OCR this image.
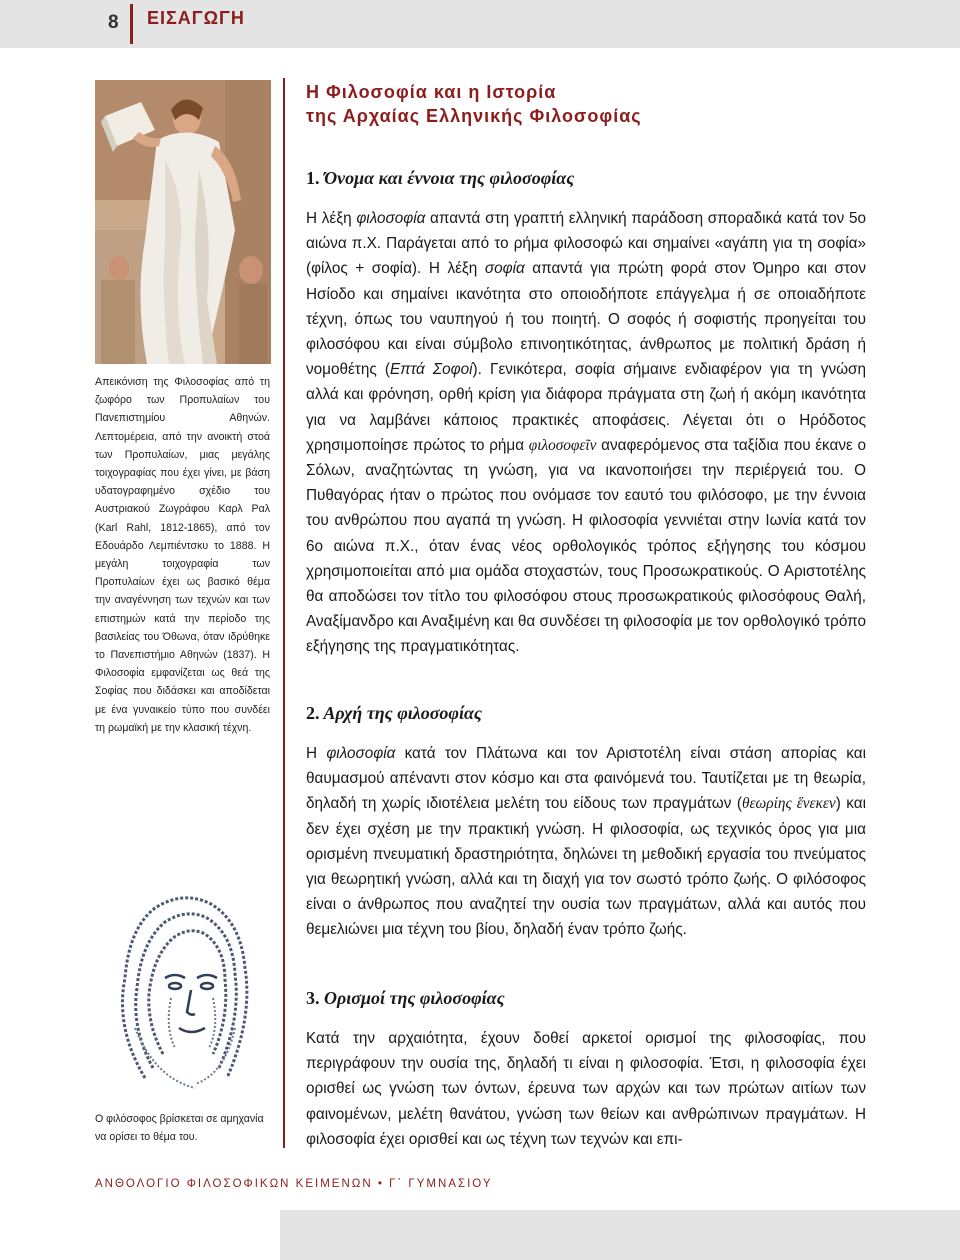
8 ΕΙΣΑΓΩΓΗ
Απεικόνιση της Φιλοσοφίας από τη ζωφόρο των Προπυλαίων του Πανεπιστημίου Αθηνών. Λεπτομέρεια, από την ανοικτή στοά των Προπυλαίων, μιας μεγάλης τοιχογραφίας που έχει γίνει, με βάση υδατογραφημένο σχέδιο του Αυστριακού Ζωγράφου Καρλ Ραλ (Karl Rahl, 1812-1865), από τον Εδουάρδο Λεμπιέντσκυ το 1888. Η μεγάλη τοιχογραφία των Προπυλαίων έχει ως βασικό θέμα την αναγέννηση των τεχνών και των επιστημών κατά την περίοδο της βασιλείας του Όθωνα, όταν ιδρύθηκε το Πανεπιστήμιο Αθηνών (1837). Η Φιλοσοφία εμφανίζεται ως θεά της Σοφίας που διδάσκει και αποδίδεται με ένα γυναικείο τύπο που συνδέει τη ρωμαϊκή με την κλασική τέχνη.
Ο φιλόσοφος βρίσκεται σε αμηχανία να ορίσει το θέμα του.
Η Φιλοσοφία και η Ιστορία
της Αρχαίας Ελληνικής Φιλοσοφίας
1. Όνομα και έννοια της φιλοσοφίας
Η λέξη φιλοσοφία απαντά στη γραπτή ελληνική παράδοση σποραδικά κατά τον 5ο αιώνα π.Χ. Παράγεται από το ρήμα φιλοσοφώ και σημαίνει «αγάπη για τη σοφία» (φίλος + σοφία). Η λέξη σοφία απαντά για πρώτη φορά στον Όμηρο και στον Ησίοδο και σημαίνει ικανότητα στο οποιοδήποτε επάγγελμα ή σε οποιαδήποτε τέχνη, όπως του ναυπηγού ή του ποιητή. Ο σοφός ή σοφιστής προηγείται του φιλοσόφου και είναι σύμβολο επινοητικότητας, άνθρωπος με πολιτική δράση ή νομοθέτης (Επτά Σοφοί). Γενικότερα, σοφία σήμαινε ενδιαφέρον για τη γνώση αλλά και φρόνηση, ορθή κρίση για διάφορα πράγματα στη ζωή ή ακόμη ικανότητα για να λαμβάνει κάποιος πρακτικές αποφάσεις. Λέγεται ότι ο Ηρόδοτος χρησιμοποίησε πρώτος το ρήμα φιλοσοφεῖν αναφερόμενος στα ταξίδια που έκανε ο Σόλων, αναζητώντας τη γνώση, για να ικανοποιήσει την περιέργειά του. Ο Πυθαγόρας ήταν ο πρώτος που ονόμασε τον εαυτό του φιλόσοφο, με την έννοια του ανθρώπου που αγαπά τη γνώση. Η φιλοσοφία γεννιέται στην Ιωνία κατά τον 6ο αιώνα π.Χ., όταν ένας νέος ορθολογικός τρόπος εξήγησης του κόσμου χρησιμοποιείται από μια ομάδα στοχαστών, τους Προσωκρατικούς. Ο Αριστοτέλης θα αποδώσει τον τίτλο του φιλοσόφου στους προσωκρατικούς φιλοσόφους Θαλή, Αναξίμανδρο και Αναξιμένη και θα συνδέσει τη φιλοσοφία με τον ορθολογικό τρόπο εξήγησης της πραγματικότητας.
2. Αρχή της φιλοσοφίας
Η φιλοσοφία κατά τον Πλάτωνα και τον Αριστοτέλη είναι στάση απορίας και θαυμασμού απέναντι στον κόσμο και στα φαινόμενά του. Ταυτίζεται με τη θεωρία, δηλαδή τη χωρίς ιδιοτέλεια μελέτη του είδους των πραγμάτων (θεωρίης ἕνεκεν) και δεν έχει σχέση με την πρακτική γνώση. Η φιλοσοφία, ως τεχνικός όρος για μια ορισμένη πνευματική δραστηριότητα, δηλώνει τη μεθοδική εργασία του πνεύματος για θεωρητική γνώση, αλλά και τη διαχή για τον σωστό τρόπο ζωής. Ο φιλόσοφος είναι ο άνθρωπος που αναζητεί την ουσία των πραγμάτων, αλλά και αυτός που θεμελιώνει μια τέχνη του βίου, δηλαδή έναν τρόπο ζωής.
3. Ορισμοί της φιλοσοφίας
Κατά την αρχαιότητα, έχουν δοθεί αρκετοί ορισμοί της φιλοσοφίας, που περιγράφουν την ουσία της, δηλαδή τι είναι η φιλοσοφία. Έτσι, η φιλοσοφία έχει ορισθεί ως γνώση των όντων, έρευνα των αρχών και των πρώτων αιτίων των φαινομένων, μελέτη θανάτου, γνώση των θείων και ανθρώπινων πραγμάτων. Η φιλοσοφία έχει ορισθεί και ως τέχνη των τεχνών και επι-
ΑΝΘΟΛΟΓΙΟ ΦΙΛΟΣΟΦΙΚΩΝ ΚΕΙΜΕΝΩΝ • Γ΄ ΓΥΜΝΑΣΙΟΥ
